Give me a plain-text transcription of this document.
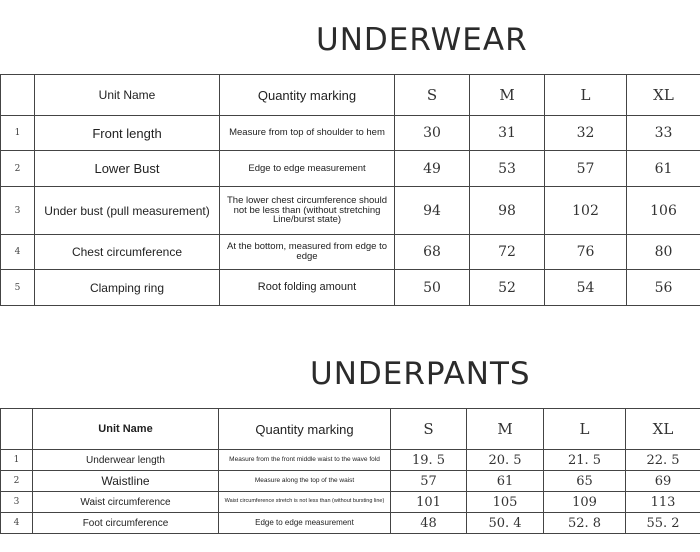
UNDERWEAR
	Unit Name	Quantity marking	S	M	L	XL
1	Front length	Measure from top of shoulder to hem	30	31	32	33
2	Lower Bust	Edge to edge measurement	49	53	57	61
3	Under bust (pull measurement)	The lower chest circumference should not be less than (without stretching Line/burst state)	94	98	102	106
4	Chest circumference	At the bottom, measured from edge to edge	68	72	76	80
5	Clamping ring	Root folding amount	50	52	54	56
UNDERPANTS
	Unit Name	Quantity marking	S	M	L	XL
1	Underwear length	Measure from the front middle waist to the wave fold	19. 5	20. 5	21. 5	22. 5
2	Waistline	Measure along the top of the waist	57	61	65	69
3	Waist circumference	Waist circumference stretch is not less than (without bursting line)	101	105	109	113
4	Foot circumference	Edge to edge measurement	48	50. 4	52. 8	55. 2
